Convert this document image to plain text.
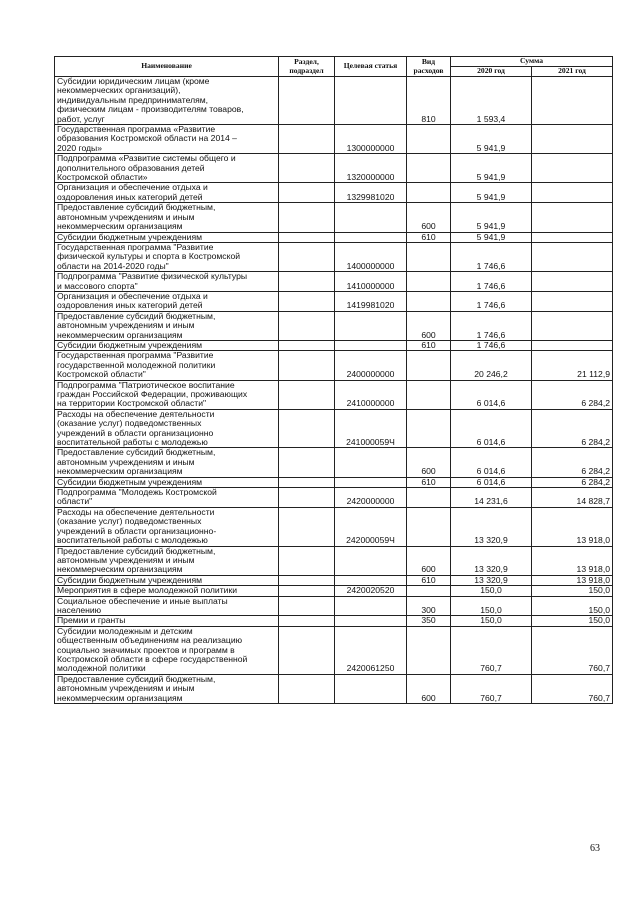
Наименование	Раздел, подраздел	Целевая статья	Вид расходов	Сумма	
				2020 год	2021 год
Субсидии юридическим лицам (кроме
некоммерческих организаций),
индивидуальным предпринимателям,
физическим лицам - производителям товаров,
работ, услуг			810	1 593,4	
Государственная программа «Развитие
образования Костромской области на 2014 –
2020 годы»		1300000000		5 941,9	
Подпрограмма «Развитие системы общего и
дополнительного образования детей
Костромской области»		1320000000		5 941,9	
Организация и обеспечение отдыха и
оздоровления иных категорий детей		1329981020		5 941,9	
Предоставление субсидий бюджетным,
автономным учреждениям и иным
некоммерческим организациям			600	5 941,9	
Субсидии бюджетным учреждениям			610	5 941,9	
Государственная программа "Развитие
физической культуры и спорта в Костромской
области на 2014-2020 годы"		1400000000		1 746,6	
Подпрограмма "Развитие физической культуры
и массового спорта"		1410000000		1 746,6	
Организация и обеспечение отдыха и
оздоровления иных категорий детей		1419981020		1 746,6	
Предоставление субсидий бюджетным,
автономным учреждениям и иным
некоммерческим организациям			600	1 746,6	
Субсидии бюджетным учреждениям			610	1 746,6	
Государственная программа "Развитие
государственной молодежной политики
Костромской области"		2400000000		20 246,2	21 112,9
Подпрограмма "Патриотическое воспитание
граждан Российской Федерации, проживающих
на территории Костромской области"		2410000000		6 014,6	6 284,2
Расходы на обеспечение деятельности
(оказание услуг) подведомственных
учреждений в области организационно
воспитательной работы с молодежью		241000059Ч		6 014,6	6 284,2
Предоставление субсидий бюджетным,
автономным учреждениям и иным
некоммерческим организациям			600	6 014,6	6 284,2
Субсидии бюджетным учреждениям			610	6 014,6	6 284,2
Подпрограмма "Молодежь Костромской
области"		2420000000		14 231,6	14 828,7
Расходы на обеспечение деятельности
(оказание услуг) подведомственных
учреждений в области организационно-
воспитательной работы с молодежью		242000059Ч		13 320,9	13 918,0
Предоставление субсидий бюджетным,
автономным учреждениям и иным
некоммерческим организациям			600	13 320,9	13 918,0
Субсидии бюджетным учреждениям			610	13 320,9	13 918,0
Мероприятия в сфере молодежной политики		2420020520		150,0	150,0
Социальное обеспечение и иные выплаты
населению			300	150,0	150,0
Премии и гранты			350	150,0	150,0
Субсидии молодежным и детским
общественным объединениям на реализацию
социально значимых проектов и программ в
Костромской области в сфере государственной
молодежной политики		2420061250		760,7	760,7
Предоставление субсидий бюджетным,
автономным учреждениям и иным
некоммерческим организациям			600	760,7	760,7
63
